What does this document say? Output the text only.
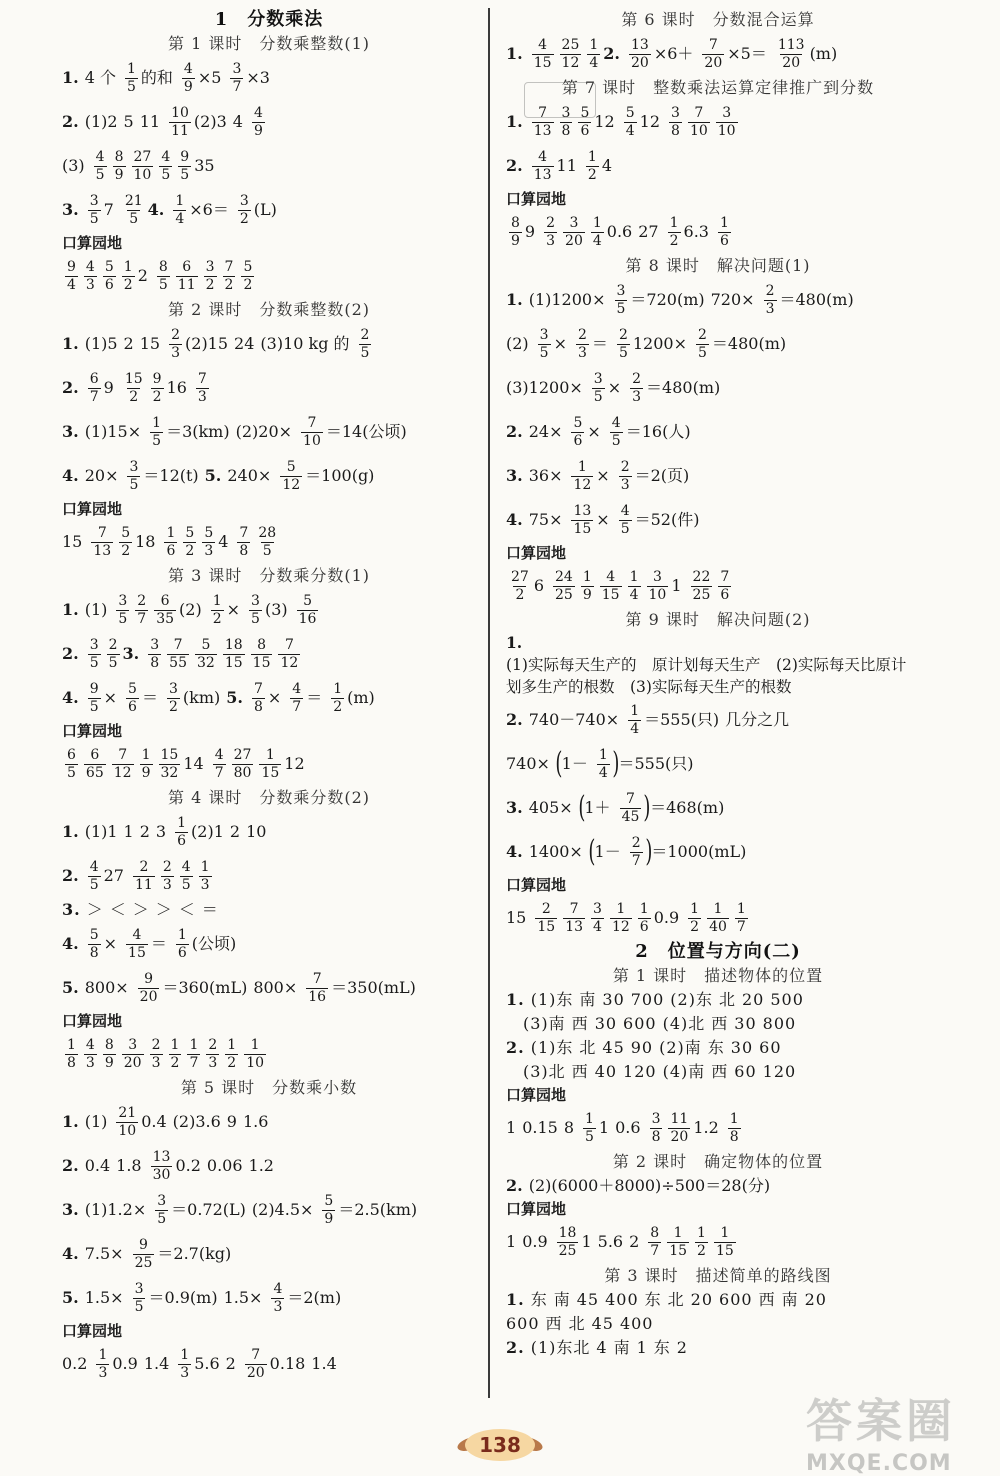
1　分数乘法
第 1 课时　分数乘整数(1)
1. 4 个 $\frac{1}{5}$ 的和 $\frac{4}{9} \times 5 \frac{3}{7} \times 3$
2. (1)2 5 $11 \frac{10}{11} (2)3$ $4 \frac{4}{9}$
$(3) \frac{4}{5} \frac{8}{9} \frac{27}{10} \frac{4}{5} \frac{9}{5} 35$
3. $\frac{3}{5} 7 \frac{21}{5} 4$. $\frac{1}{4} \times 6= \frac{3}{2} (L)$
口算园地
$\frac{9}{4} \frac{4}{3} \frac{5}{6} \frac{1}{2} 2 \frac{8}{5} \frac{6}{11} \frac{3}{2} \frac{7}{2} \frac{5}{2}$
第 2 课时　分数乘整数(2)
1. (1)5 2 $15 \frac{2}{3} (2)15$ 24 (3)10 kg 的 $\frac{2}{5}$
2. $\frac{6}{7} 9 \frac{15}{2} \frac{9}{2} 16 \frac{7}{3}$
3. $(1)15\times \frac{1}{5} =3(km)$ $(2)20\times \frac{7}{10} =14$(公顷)
4. $20\times \frac{3}{5} =12(t)$ 5. $240\times \frac{5}{12} =100(g)$
口算园地
$15 \frac{7}{13} \frac{5}{2} 18 \frac{1}{6} \frac{5}{2} \frac{5}{3} 4 \frac{7}{8} \frac{28}{5}$
第 3 课时　分数乘分数(1)
1. $(1) \frac{3}{5} \frac{2}{7} \frac{6}{35} (2) \frac{1}{2} \times \frac{3}{5} (3) \frac{5}{16}$
2. $\frac{3}{5} \frac{2}{5} 3$. $\frac{3}{8} \frac{7}{55} \frac{5}{32} \frac{18}{15} \frac{8}{15} \frac{7}{12}$
4. $\frac{9}{5} \times \frac{5}{6} = \frac{3}{2} (km)$ 5. $\frac{7}{8} \times \frac{4}{7} = \frac{1}{2} (m)$
口算园地
$\frac{6}{5} \frac{6}{65} \frac{7}{12} \frac{1}{9} \frac{15}{32} 14 \frac{4}{7} \frac{27}{80} \frac{1}{15} 12$
第 4 课时　分数乘分数(2)
1. (1)1 1 2 $3 \frac{1}{6} (2)1$ 2 10
2. $\frac{4}{5} 27 \frac{2}{11} \frac{2}{3} \frac{4}{5} \frac{1}{3}$
3. ＞ ＜ ＞ ＞ ＜ ＝
4. $\frac{5}{8} \times \frac{4}{15} = \frac{1}{6}$ (公顷)
5. $800\times \frac{9}{20} =360(mL)$ $800\times \frac{7}{16} =350(mL)$
口算园地
$\frac{1}{8} \frac{4}{3} \frac{8}{9} \frac{3}{20} \frac{2}{3} \frac{1}{2} \frac{1}{7} \frac{2}{3} \frac{1}{2} \frac{1}{10}$
第 5 课时　分数乘小数
1. $(1) \frac{21}{10} 0.4$ (2)3.6 9 1.6
2. 0.4 $1.8 \frac{13}{30} 0.2$ 0.06 1.2
3. $(1)1.2\times \frac{3}{5} =0.72(L)$ $(2)4.5\times \frac{5}{9} =2.5(km)$
4. $7.5\times \frac{9}{25} =2.7(kg)$
5. $1.5\times \frac{3}{5} =0.9(m)$ $1.5\times \frac{4}{3} =2(m)$
口算园地
$0.2 \frac{1}{3} 0.9$ $1.4 \frac{1}{3} 5.6$ $2 \frac{7}{20} 0.18$ 1.4
第 6 课时　分数混合运算
1. $\frac{4}{15} \frac{25}{12} \frac{1}{4} 2$. $\frac{13}{20} \times 6+ \frac{7}{20} \times 5= \frac{113}{20} (m)$
第 7 课时　整数乘法运算定律推广到分数
1. $\frac{7}{13} \frac{3}{8} \frac{5}{6} 12 \frac{5}{4} 12 \frac{3}{8} \frac{7}{10} \frac{3}{10}$
2. $\frac{4}{13} 11 \frac{1}{2} 4$
口算园地
$\frac{8}{9} 9 \frac{2}{3} \frac{3}{20} \frac{1}{4} 0.6$ $27 \frac{1}{2} 6.3 \frac{1}{6}$
第 8 课时　解决问题(1)
1. $(1)1200\times \frac{3}{5} =720(m)$ $720\times \frac{2}{3} =480(m)$
$(2) \frac{3}{5} \times \frac{2}{3} = \frac{2}{5} 1200\times \frac{2}{5} =480(m)$
$(3)1200\times \frac{3}{5} \times \frac{2}{3} =480(m)$
2. $24\times \frac{5}{6} \times \frac{4}{5} =16$(人)
3. $36\times \frac{1}{12} \times \frac{2}{3} =2$(页)
4. $75\times \frac{13}{15} \times \frac{4}{5} =52$(件)
口算园地
$\frac{27}{2} 6 \frac{24}{25} \frac{1}{9} \frac{4}{15} \frac{1}{4} \frac{3}{10} 1 \frac{22}{25} \frac{7}{6}$
第 9 课时　解决问题(2)
1.(1)实际每天生产的　原计划每天生产　(2)实际每天比原计划多生产的根数　(3)实际每天生产的根数
2. $740-740\times \frac{1}{4} =555$(只) 几分之几
740× ( $1- \frac{1}{4}$ ) ＝555(只)
3. 405× ( $1+ \frac{7}{45}$ ) ＝468(m)
4. 1400× ( $1- \frac{2}{7}$ ) ＝1000(mL)
口算园地
$15 \frac{2}{15} \frac{7}{13} \frac{3}{4} \frac{1}{12} \frac{1}{6} 0.9 \frac{1}{2} \frac{1}{40} \frac{1}{7}$
2　位置与方向(二)
第 1 课时　描述物体的位置
1. (1)东 南 30 700 (2)东 北 20 500
　(3)南 西 30 600 (4)北 西 30 800
2. (1)东 北 45 90 (2)南 东 30 60
　(3)北 西 40 120 (4)南 西 60 120
口算园地
1 0.15 $8 \frac{1}{5} 1$ $0.6 \frac{3}{8} \frac{11}{20} 1.2 \frac{1}{8}$
第 2 课时　确定物体的位置
2. (2)(6000＋8000)÷500＝28(分)
口算园地
1 $0.9 \frac{18}{25} 1$ 5.6 $2 \frac{8}{7} \frac{1}{15} \frac{1}{2} \frac{1}{15}$
第 3 课时　描述简单的路线图
1. 东 南 45 400 东 北 20 600 西 南 20
600 西 北 45 400
2. (1)东北 4 南 1 东 2
138	答案圈
MXQE.COM
